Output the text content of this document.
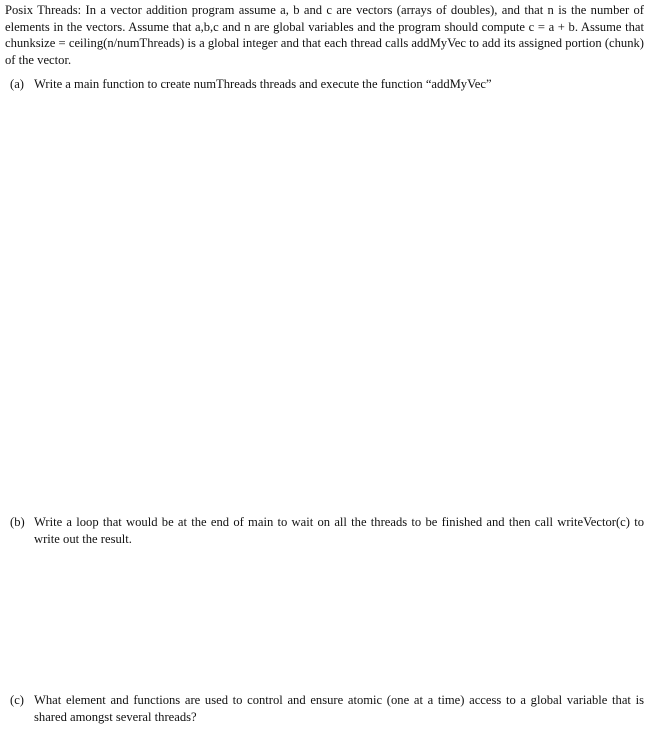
Posix Threads: In a vector addition program assume a, b and c are vectors (arrays of doubles), and that n is the number of elements in the vectors. Assume that a,b,c and n are global variables and the program should compute c = a + b. Assume that chunksize = ceiling(n/numThreads) is a global integer and that each thread calls addMyVec to add its assigned portion (chunk) of the vector.

(a) Write a main function to create numThreads threads and execute the function “addMyVec”
(b) Write a loop that would be at the end of main to wait on all the threads to be finished and then call writeVector(c) to write out the result.
(c) What element and functions are used to control and ensure atomic (one at a time) access to a global variable that is shared amongst several threads?
